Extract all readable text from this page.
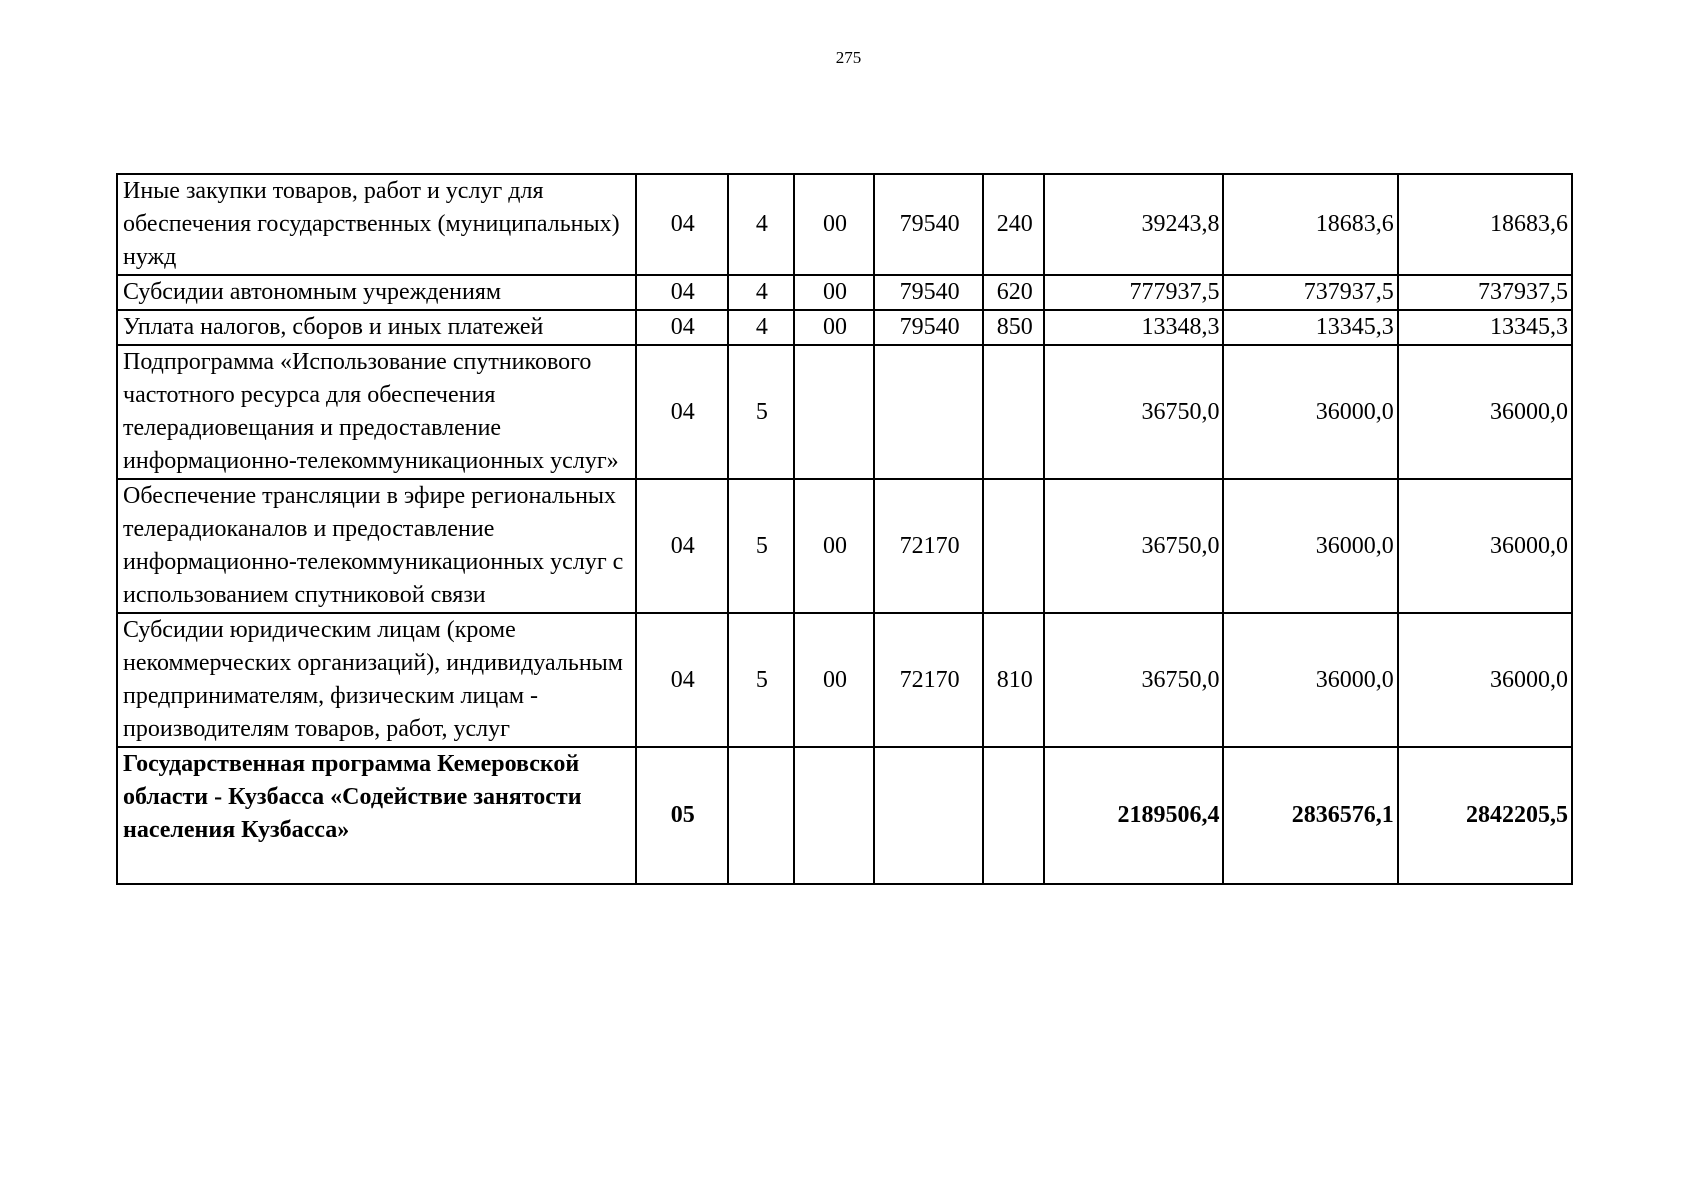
275
Иные закупки товаров, работ и услуг для обеспечения государственных (муниципальных) нужд	04	4	00	79540	240	39243,8	18683,6	18683,6
Субсидии автономным учреждениям	04	4	00	79540	620	777937,5	737937,5	737937,5
Уплата налогов, сборов и иных платежей	04	4	00	79540	850	13348,3	13345,3	13345,3
Подпрограмма «Использование спутникового частотного ресурса для обеспечения телерадиовещания и предоставление информационно-телекоммуникационных услуг»	04	5				36750,0	36000,0	36000,0
Обеспечение трансляции в эфире региональных телерадиоканалов и предоставление информационно-телекоммуникационных услуг с использованием спутниковой связи	04	5	00	72170		36750,0	36000,0	36000,0
Субсидии юридическим лицам (кроме некоммерческих организаций), индивидуальным предпринимателям, физическим лицам - производителям товаров, работ, услуг	04	5	00	72170	810	36750,0	36000,0	36000,0
Государственная программа Кемеровской области - Кузбасса «Содействие занятости населения Кузбасса»	05					2189506,4	2836576,1	2842205,5
